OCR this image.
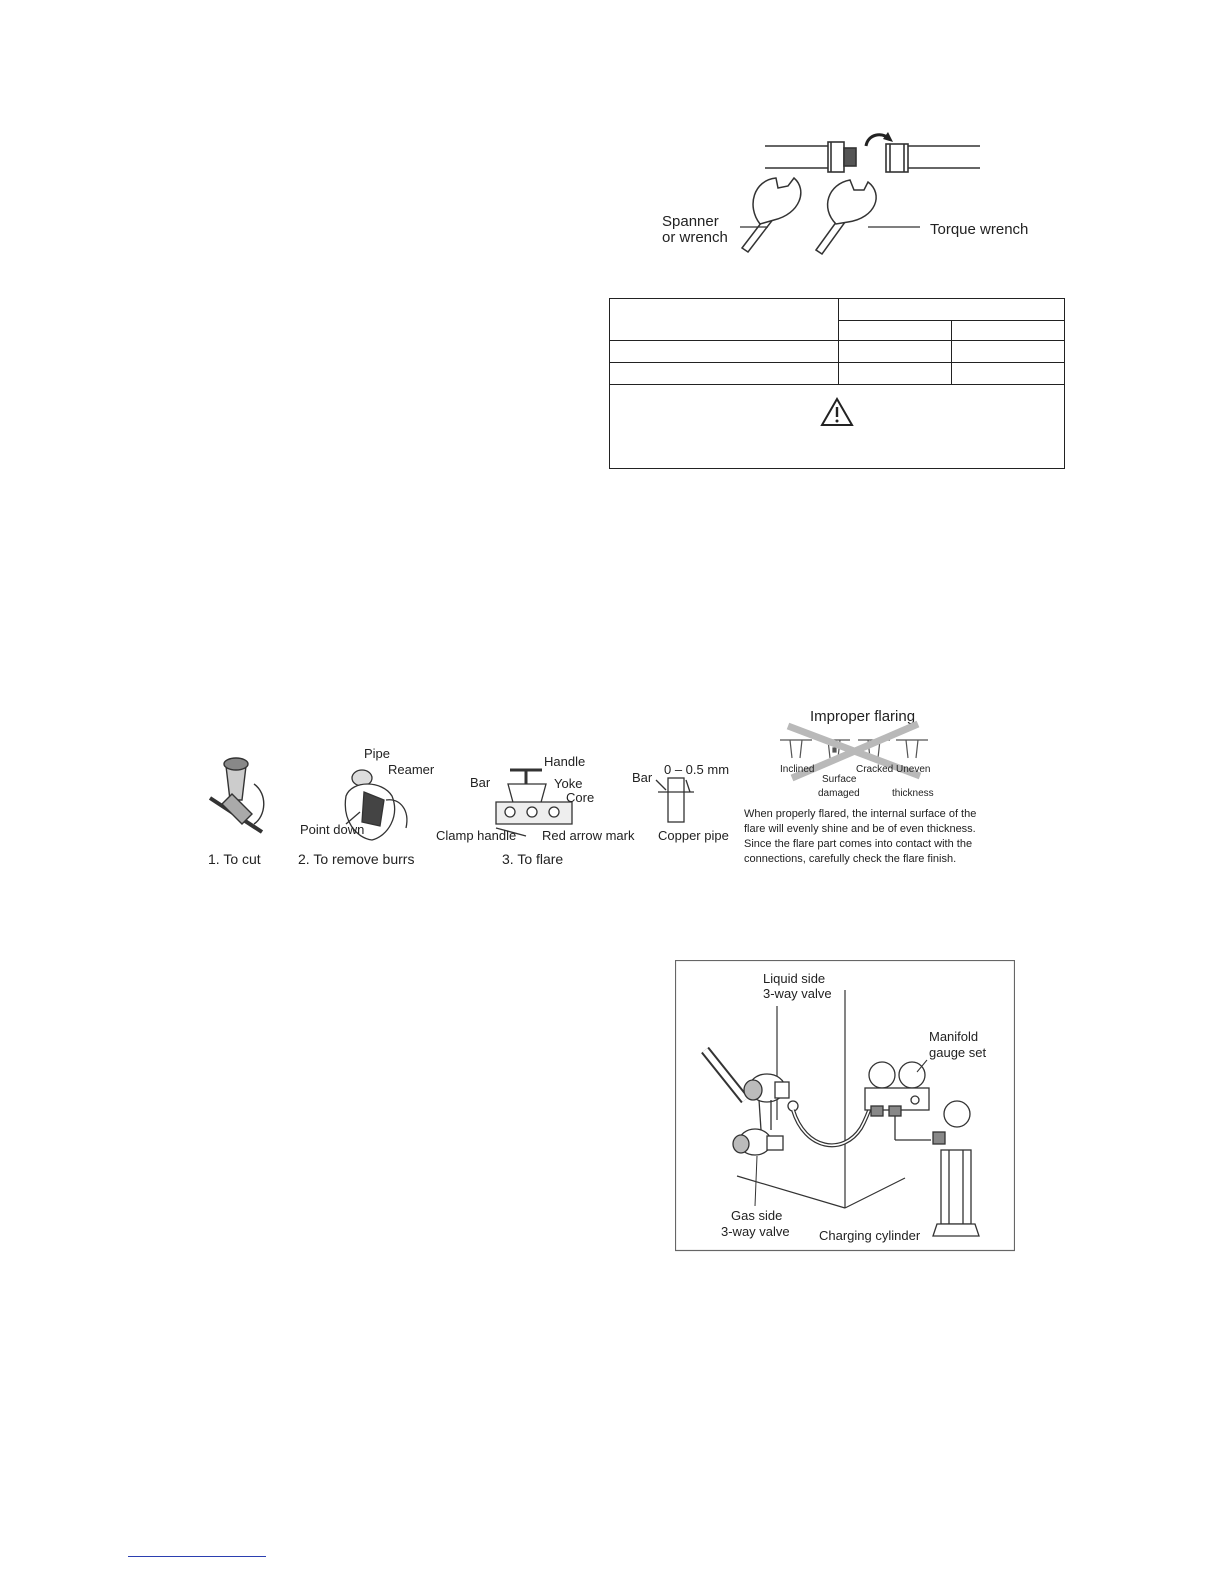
Spanner
or wrench	Torque wrench

1. To cut
Pipe
Reamer
Point down
2. To remove burrs
Handle
Bar	Yoke
Core
Clamp handle Red arrow mark
3. To flare
Bar
0 – 0.5 mm
Copper pipe
Improper flaring
Inclined
Surface
damaged
Cracked Uneven
thickness
When properly flared, the internal surface of the
flare will evenly shine and be of even thickness.
Since the flare part comes into contact with the
connections, carefully check the flare finish.
Liquid side
3-way valve
Manifold
gauge set
Gas side
3-way valve Charging cylinder
